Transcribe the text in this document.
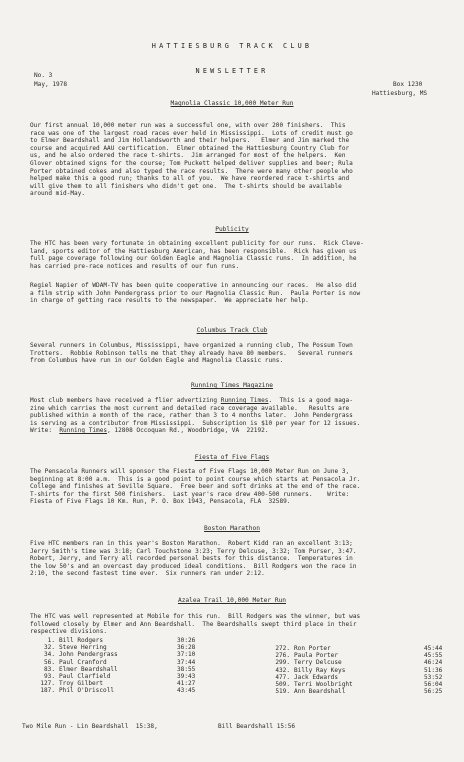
HATTIESBURG TRACK CLUB
NEWSLETTER
No. 3
May, 1978	Box 1230
Hattiesburg, MS
Magnolia Classic 10,000 Meter Run
Our first annual 10,000 meter run was a successful one, with over 200 finishers.  This
race was one of the largest road races ever held in Mississippi.  Lots of credit must go
to Elmer Beardshall and Jim Hollandsworth and their helpers.   Elmer and Jim marked the
course and acquired AAU certification.  Elmer obtained the Hattiesburg Country Club for
us, and he also ordered the race t-shirts.  Jim arranged for most of the helpers.  Ken
Glover obtained signs for the course; Tom Puckett helped deliver supplies and beer; Rula
Porter obtained cokes and also typed the race results.  There were many other people who
helped make this a good run; thanks to all of you.  We have reordered race t-shirts and
will give them to all finishers who didn't get one.  The t-shirts should be available
around mid-May.
Publicity
The HTC has been very fortunate in obtaining excellent publicity for our runs.  Rick Cleve-
land, sports editor of the Hattiesburg American, has been responsible.  Rick has given us
full page coverage following our Golden Eagle and Magnolia Classic runs.  In addition, he
has carried pre-race notices and results of our fun runs.
Regiel Napier of WDAM-TV has been quite cooperative in announcing our races.  He also did
a film strip with John Pendergrass prior to our Magnolia Classic Run.  Paula Porter is now
in charge of getting race results to the newspaper.  We appreciate her help.
Columbus Track Club
Several runners in Columbus, Mississippi, have organized a running club, The Possum Town
Trotters.  Robbie Robinson tells me that they already have 80 members.   Several runners
from Columbus have run in our Golden Eagle and Magnolia Classic runs.
Running Times Magazine
Most club members have received a flier advertizing Running Times.  This is a good maga-
zine which carries the most current and detailed race coverage available.   Results are
published within a month of the race, rather than 3 to 4 months later.  John Pendergrass
is serving as a contributor from Mississippi.  Subscription is $10 per year for 12 issues.
Write:  Running Times, 12808 Occoquan Rd., Woodbridge, VA  22192.
Fiesta of Five Flags
The Pensacola Runners will sponsor the Fiesta of Five Flags 10,000 Meter Run on June 3,
beginning at 8:00 a.m.  This is a good point to point course which starts at Pensacola Jr.
College and finishes at Seville Square.  Free beer and soft drinks at the end of the race.
T-shirts for the first 500 finishers.  Last year's race drew 400-500 runners.    Write:
Fiesta of Five Flags 10 Km. Run, P. O. Box 1943, Pensacola, FLA  32589.
Boston Marathon
Five HTC members ran in this year's Boston Marathon.  Robert Kidd ran an excellent 3:13;
Jerry Smith's time was 3:18; Carl Touchstone 3:23; Terry Delcuse, 3:32; Tom Purser, 3:47.
Robert, Jerry, and Terry all recorded personal bests for this distance.  Temperatures in
the low 50's and an overcast day produced ideal conditions.  Bill Rodgers won the race in
2:10, the second fastest time ever.  Six runners ran under 2:12.
Azalea Trail 10,000 Meter Run
The HTC was well represented at Mobile for this run.  Bill Rodgers was the winner, but was
followed closely by Elmer and Ann Beardshall.  The Beardshalls swept third place in their
respective divisions.
1.		Bill Rodgers	30:26
32.		Steve Herring	36:28
34.		John Pendergrass	37:10
56.		Paul Cranford	37:44
83.		Elmer Beardshall	38:55
93.		Paul Clarfield	39:43
127.		Troy Gilbert	41:27
187.		Phil O'Driscoll	43:45
272.		Ron Porter	45:44
276.		Paula Porter	45:55
299.		Terry Delcuse	46:24
432.		Billy Ray Keys	51:36
477.		Jack Edwards	53:52
509.		Terri Woolbright	56:04
519.		Ann Beardshall	56:25
Two Mile Run - Lin Beardshall  15:38,	Bill Beardshall 15:56
